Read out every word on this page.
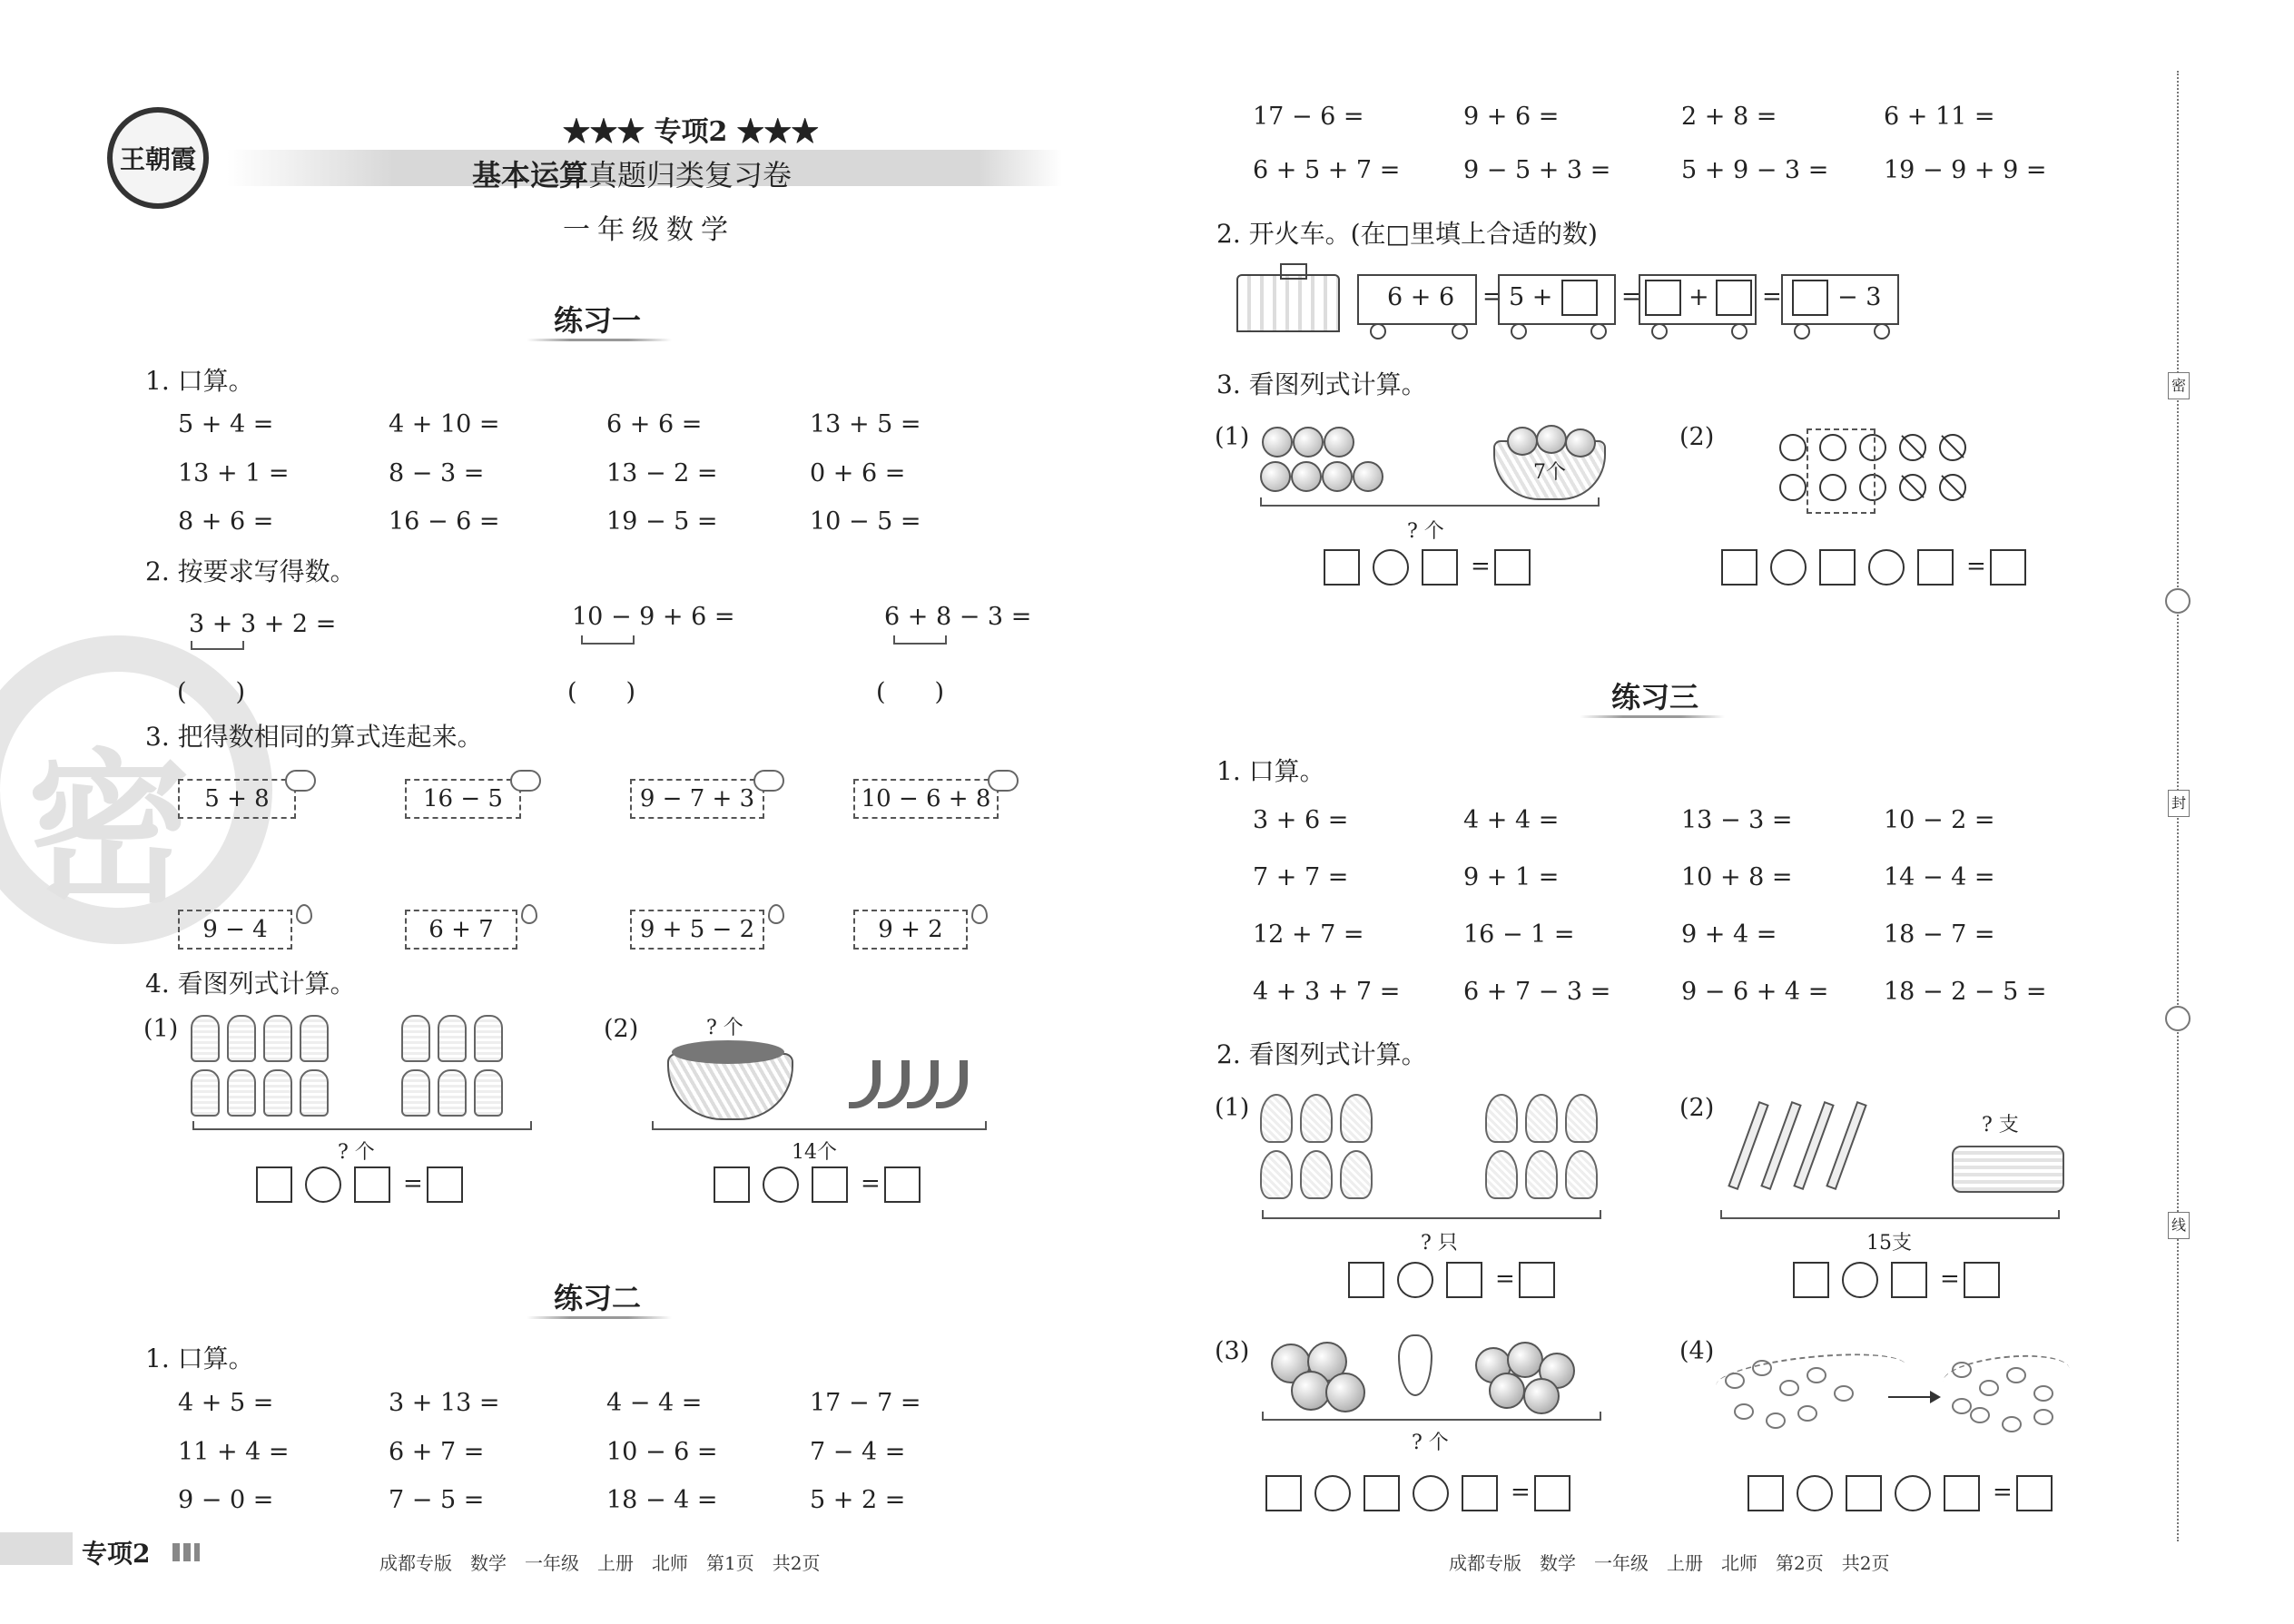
密
王朝霞
★★★ 专项2 ★★★
基本运算真题归类复习卷
一年级数学
练习一
1. 口算。
2. 按要求写得数。
3 + 3 + 2 =	10 − 9 + 6 =	6 + 8 − 3 =
(　　)	(　　)	(　　)
3. 把得数相同的算式连起来。
4. 看图列式计算。
(1)	(2)
? 个
? 个
14个
练习二
1. 口算。
专项2	成都专版　数学　一年级　上册　北师　第1页　共2页
2. 开火车。(在□里填上合适的数)
3. 看图列式计算。
(1)	(2)
7个
? 个
练习三
1. 口算。
2. 看图列式计算。
(1)	(2)
(3)	(4)
? 只
? 支
15支
? 个
成都专版　数学　一年级　上册　北师　第2页　共2页
5 + 4 =	4 + 10 =	6 + 6 =	13 + 5 =
13 + 1 =	8 − 3 =	13 − 2 =	0 + 6 =
8 + 6 =	16 − 6 =	19 − 5 =	10 − 5 =
4 + 5 =	3 + 13 =	4 − 4 =	17 − 7 =
11 + 4 =	6 + 7 =	10 − 6 =	7 − 4 =
9 − 0 =	7 − 5 =	18 − 4 =	5 + 2 =
17 − 6 =	9 + 6 =	2 + 8 =	6 + 11 =
6 + 5 + 7 =	9 − 5 + 3 =	5 + 9 − 3 = 19 − 9 + 9 =
3 + 6 =	4 + 4 =	13 − 3 =	10 − 2 =
7 + 7 =	9 + 1 =	10 + 8 =	14 − 4 =
12 + 7 =	16 − 1 =	9 + 4 =	18 − 7 =
4 + 3 + 7 =	6 + 7 − 3 =	9 − 6 + 4 = 18 − 2 − 5 =
5 + 8	16 − 5	9 − 7 + 3	10 − 6 + 8
9 − 4	6 + 7	9 + 5 − 2	9 + 2
=	=
=	=
=	=
=	=
=	=	=
6 + 6 5 +	+	− 3
密
封
线
